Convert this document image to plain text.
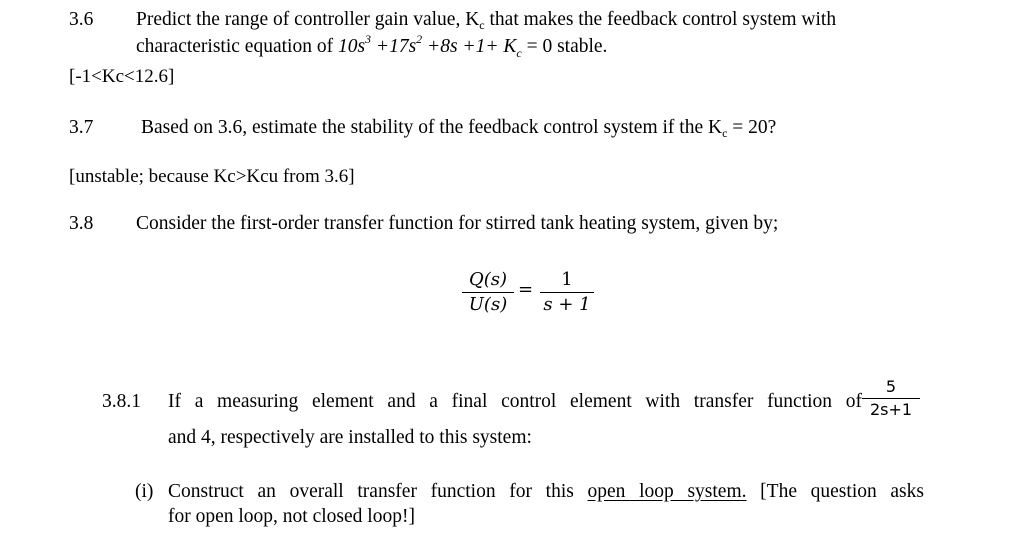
3.6 Predict the range of controller gain value, $K_c$ that makes the feedback control system with
characteristic equation of $10s^3 +17s^2 +8s +1+ K_c = 0$ stable.
[-1<Kc<12.6]
3.7 Based on 3.6, estimate the stability of the feedback control system if the $K_c = 20$?
[unstable; because Kc>Kcu from 3.6]
3.8 Consider the first-order transfer function for stirred tank heating system, given by;
Q(s)
U(s)
=	1
s + 1
3.8.1 If a measuring element and a final control element with transfer function of
5
2s+1
and 4, respectively are installed to this system:
(i) Construct an overall transfer function for this open loop system. [The question asks
for open loop, not closed loop!]
